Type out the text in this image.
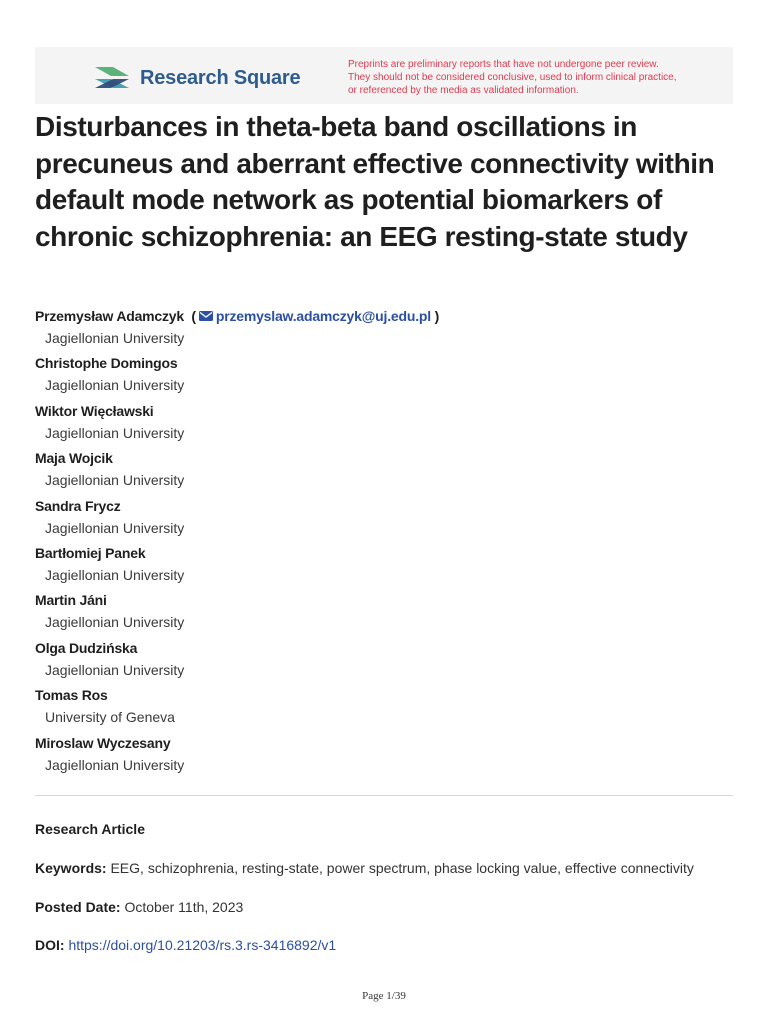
Research Square
Preprints are preliminary reports that have not undergone peer review.
They should not be considered conclusive, used to inform clinical practice,
or referenced by the media as validated information.
Disturbances in theta-beta band oscillations in precuneus and aberrant effective connectivity within default mode network as potential biomarkers of chronic schizophrenia: an EEG resting-state study
Przemysław Adamczyk ( przemyslaw.adamczyk@uj.edu.pl )
Jagiellonian University
Christophe Domingos
Jagiellonian University
Wiktor Więcławski
Jagiellonian University
Maja Wojcik
Jagiellonian University
Sandra Frycz
Jagiellonian University
Bartłomiej Panek
Jagiellonian University
Martin Jáni
Jagiellonian University
Olga Dudzińska
Jagiellonian University
Tomas Ros
University of Geneva
Miroslaw Wyczesany
Jagiellonian University
Research Article
Keywords: EEG, schizophrenia, resting-state, power spectrum, phase locking value, effective connectivity
Posted Date: October 11th, 2023
DOI: https://doi.org/10.21203/rs.3.rs-3416892/v1
Page 1/39
